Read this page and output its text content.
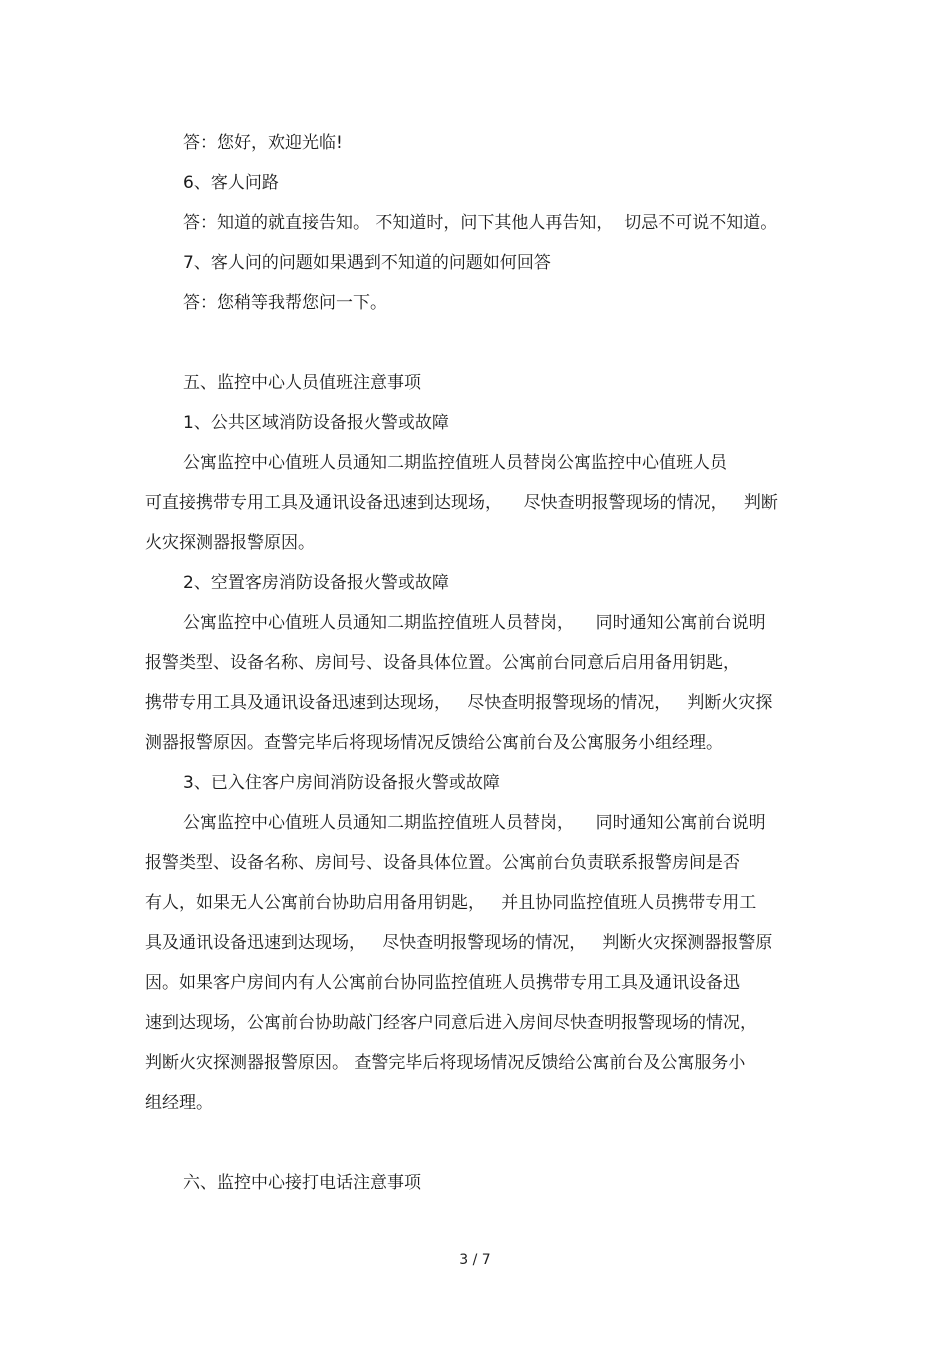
答：您好，欢迎光临!
6、客人问路
答：知道的就直接告知。 不知道时，问下其他人再告知，  切忌不可说不知道。
7、客人问的问题如果遇到不知道的问题如何回答
答：您稍等我帮您问一下。
五、监控中心人员值班注意事项
1、公共区域消防设备报火警或故障
公寓监控中心值班人员通知二期监控值班人员替岗公寓监控中心值班人员
可直接携带专用工具及通讯设备迅速到达现场，    尽快查明报警现场的情况，   判断
火灾探测器报警原因。
2、空置客房消防设备报火警或故障
公寓监控中心值班人员通知二期监控值班人员替岗，    同时通知公寓前台说明
报警类型、设备名称、房间号、设备具体位置。公寓前台同意后启用备用钥匙，
携带专用工具及通讯设备迅速到达现场，   尽快查明报警现场的情况，   判断火灾探
测器报警原因。查警完毕后将现场情况反馈给公寓前台及公寓服务小组经理。
3、已入住客户房间消防设备报火警或故障
公寓监控中心值班人员通知二期监控值班人员替岗，    同时通知公寓前台说明
报警类型、设备名称、房间号、设备具体位置。公寓前台负责联系报警房间是否
有人，如果无人公寓前台协助启用备用钥匙，   并且协同监控值班人员携带专用工
具及通讯设备迅速到达现场，   尽快查明报警现场的情况，   判断火灾探测器报警原
因。如果客户房间内有人公寓前台协同监控值班人员携带专用工具及通讯设备迅
速到达现场，公寓前台协助敲门经客户同意后进入房间尽快查明报警现场的情况，
判断火灾探测器报警原因。 查警完毕后将现场情况反馈给公寓前台及公寓服务小
组经理。
六、监控中心接打电话注意事项
3 / 7
